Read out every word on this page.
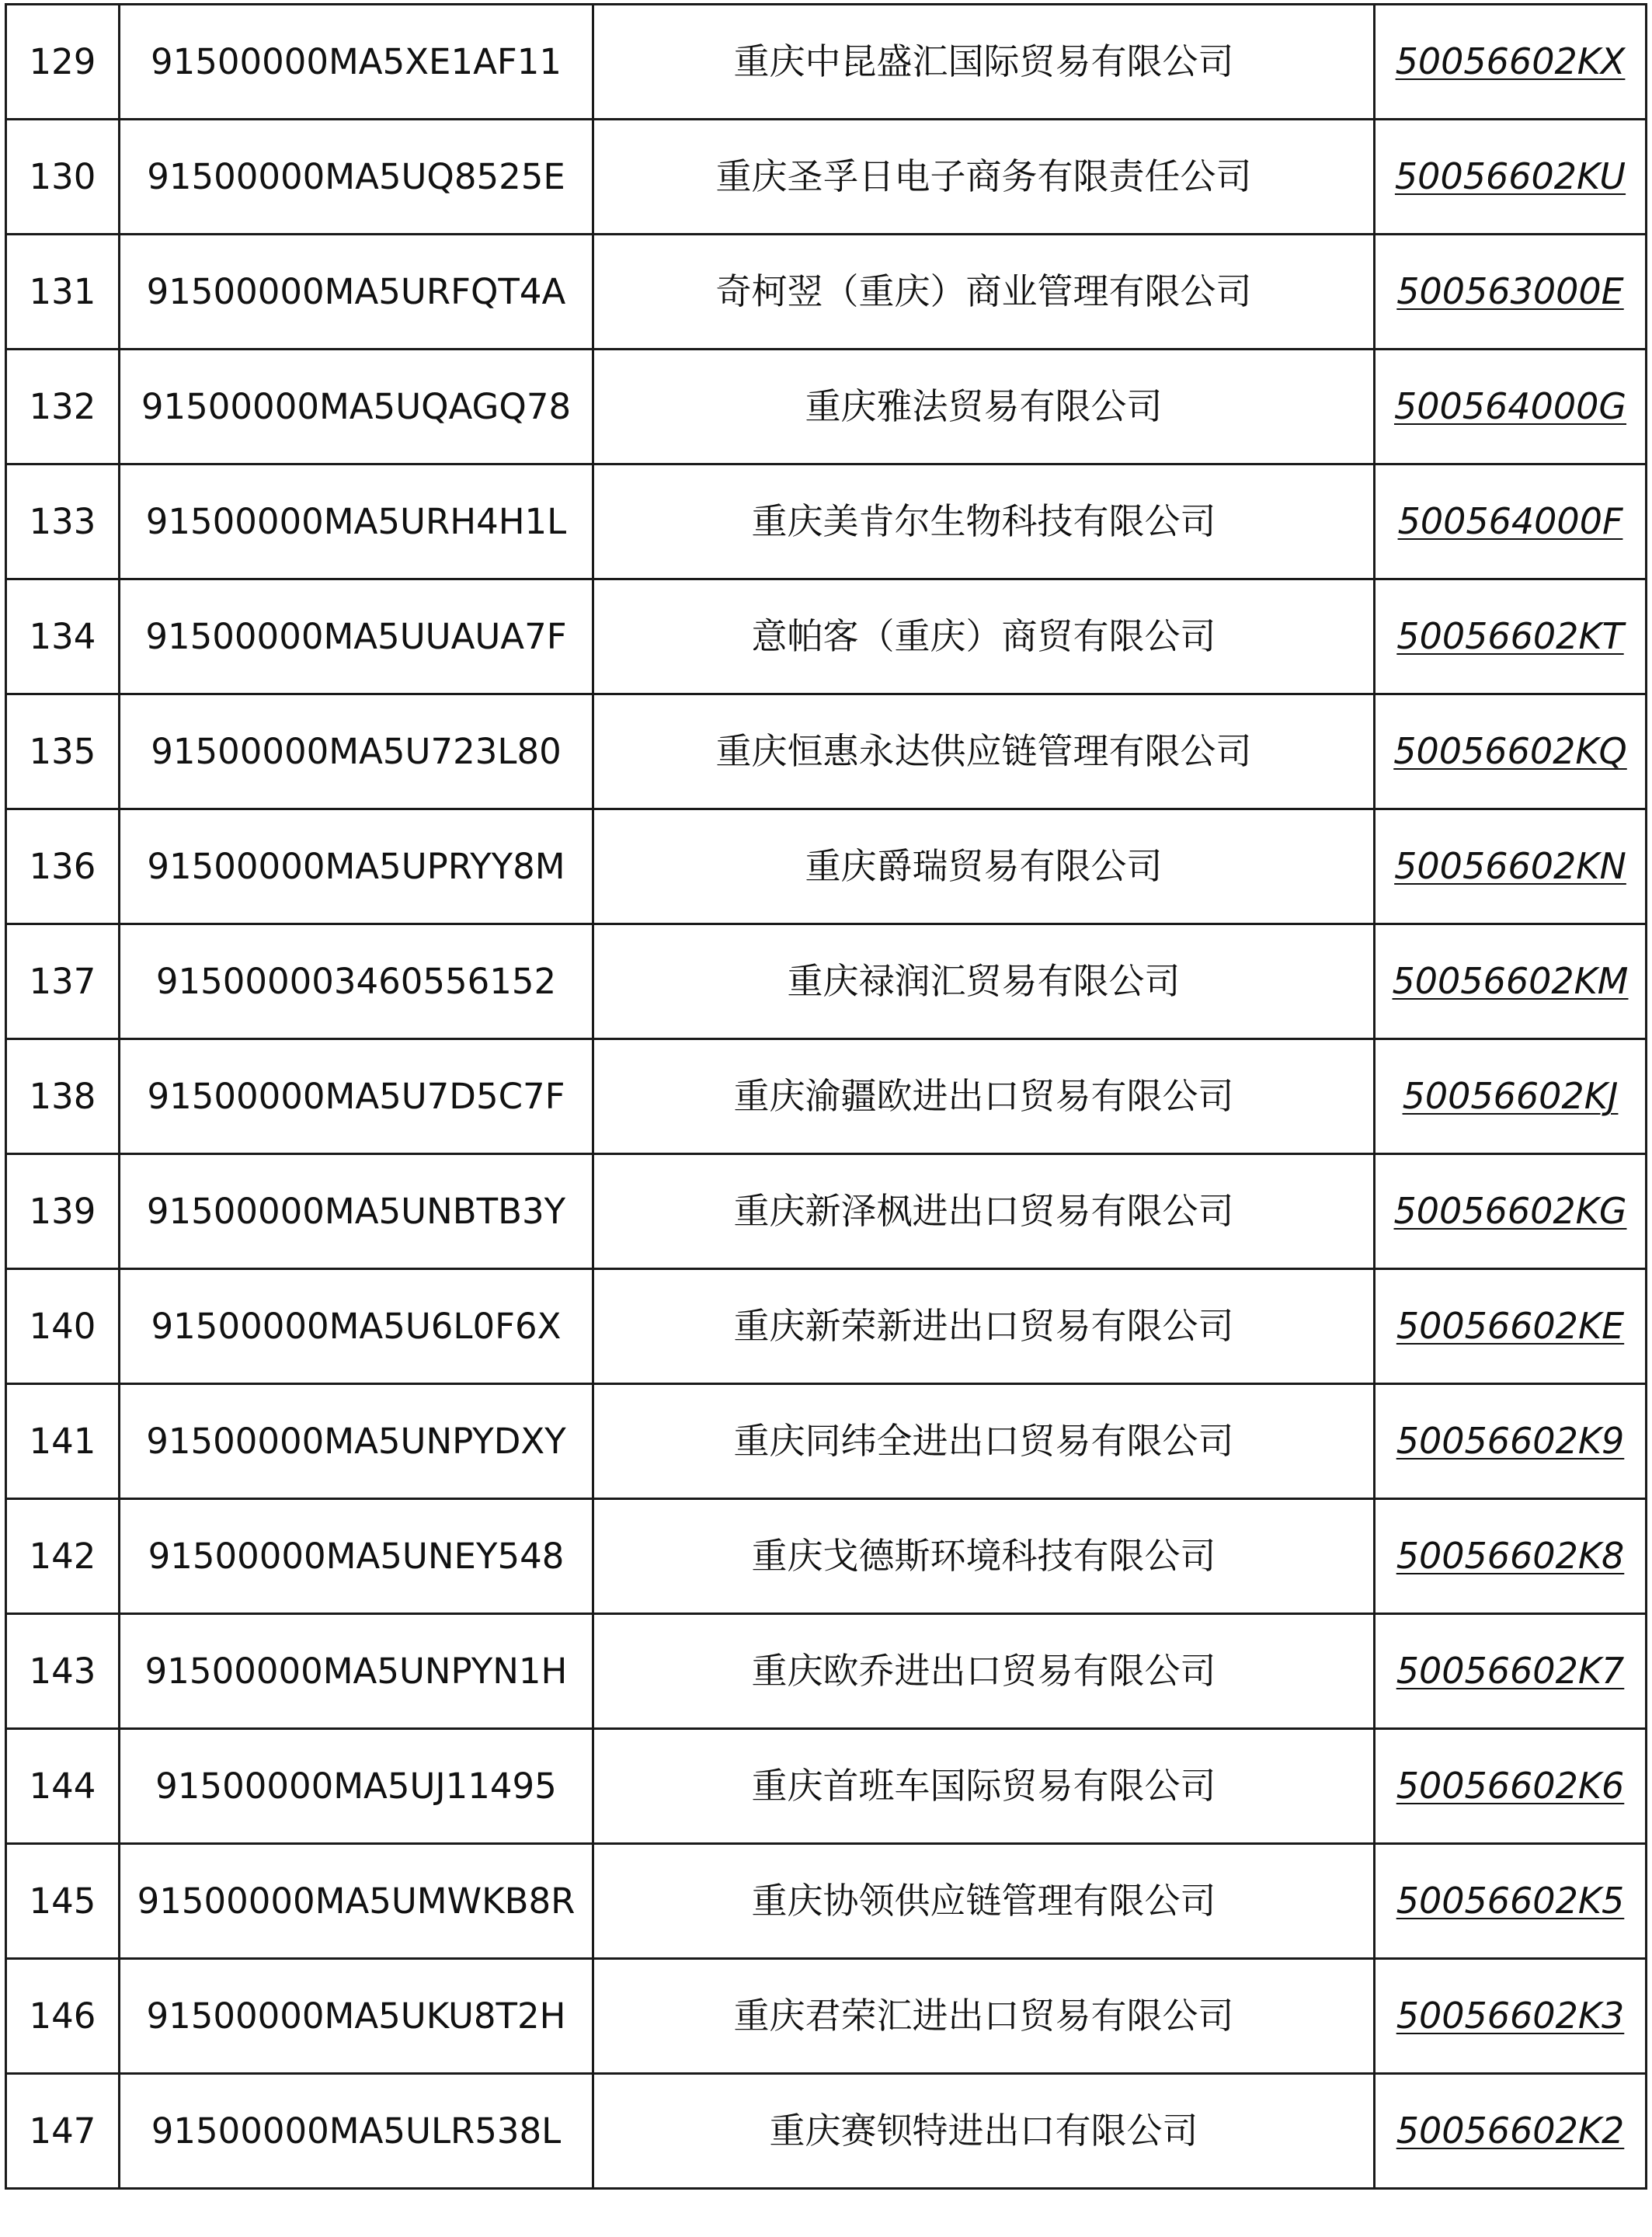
129	91500000MA5XE1AF11	重庆中昆盛汇国际贸易有限公司	50056602KX
130	91500000MA5UQ8525E	重庆圣孚日电子商务有限责任公司	50056602KU
131	91500000MA5URFQT4A	奇柯翌（重庆）商业管理有限公司	500563000E
132	91500000MA5UQAGQ78	重庆雅法贸易有限公司	500564000G
133	91500000MA5URH4H1L	重庆美肯尔生物科技有限公司	500564000F
134	91500000MA5UUAUA7F	意帕客（重庆）商贸有限公司	50056602KT
135	91500000MA5U723L80	重庆恒惠永达供应链管理有限公司	50056602KQ
136	91500000MA5UPRYY8M	重庆爵瑞贸易有限公司	50056602KN
137	915000003460556152	重庆禄润汇贸易有限公司	50056602KM
138	91500000MA5U7D5C7F	重庆渝疆欧进出口贸易有限公司	50056602KJ
139	91500000MA5UNBTB3Y	重庆新泽枫进出口贸易有限公司	50056602KG
140	91500000MA5U6L0F6X	重庆新荣新进出口贸易有限公司	50056602KE
141	91500000MA5UNPYDXY	重庆同纬全进出口贸易有限公司	50056602K9
142	91500000MA5UNEY548	重庆戈德斯环境科技有限公司	50056602K8
143	91500000MA5UNPYN1H	重庆欧乔进出口贸易有限公司	50056602K7
144	91500000MA5UJ11495	重庆首班车国际贸易有限公司	50056602K6
145	91500000MA5UMWKB8R	重庆协领供应链管理有限公司	50056602K5
146	91500000MA5UKU8T2H	重庆君荣汇进出口贸易有限公司	50056602K3
147	91500000MA5ULR538L	重庆赛钡特进出口有限公司	50056602K2
